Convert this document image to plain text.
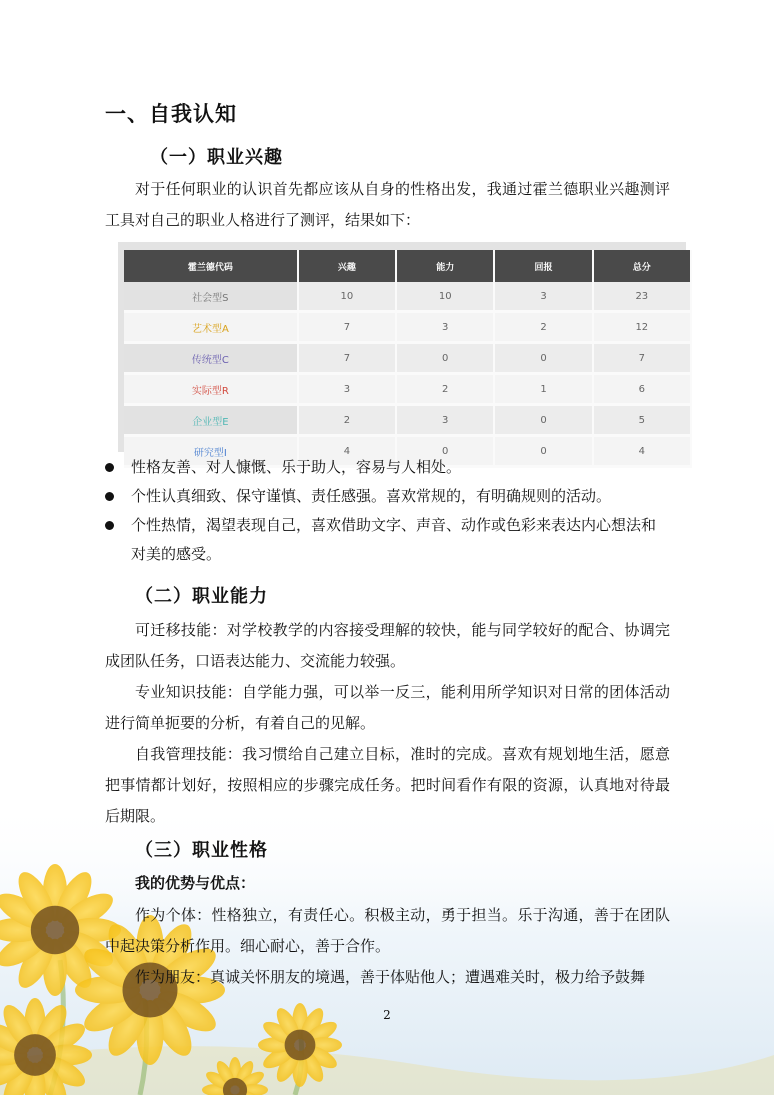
一、自我认知
（一）职业兴趣
对于任何职业的认识首先都应该从自身的性格出发，我通过霍兰德职业兴趣测评工具对自己的职业人格进行了测评，结果如下：
霍兰德代码	兴趣	能力	回报	总分
社会型S	10	10	3	23
艺术型A	7	3	2	12
传统型C	7	0	0	7
实际型R	3	2	1	6
企业型E	2	3	0	5
研究型I	4	0	0	4
性格友善、对人慷慨、乐于助人，容易与人相处。
个性认真细致、保守谨慎、责任感强。喜欢常规的，有明确规则的活动。
个性热情，渴望表现自己，喜欢借助文字、声音、动作或色彩来表达内心想法和对美的感受。
（二）职业能力
可迁移技能：对学校教学的内容接受理解的较快，能与同学较好的配合、协调完成团队任务，口语表达能力、交流能力较强。
专业知识技能：自学能力强，可以举一反三，能利用所学知识对日常的团体活动进行简单扼要的分析，有着自己的见解。
自我管理技能：我习惯给自己建立目标，准时的完成。喜欢有规划地生活，愿意把事情都计划好，按照相应的步骤完成任务。把时间看作有限的资源，认真地对待最后期限。
（三）职业性格
我的优势与优点：
作为个体：性格独立，有责任心。积极主动，勇于担当。乐于沟通，善于在团队中起决策分析作用。细心耐心，善于合作。
作为朋友：真诚关怀朋友的境遇，善于体贴他人；遭遇难关时，极力给予鼓舞
2
